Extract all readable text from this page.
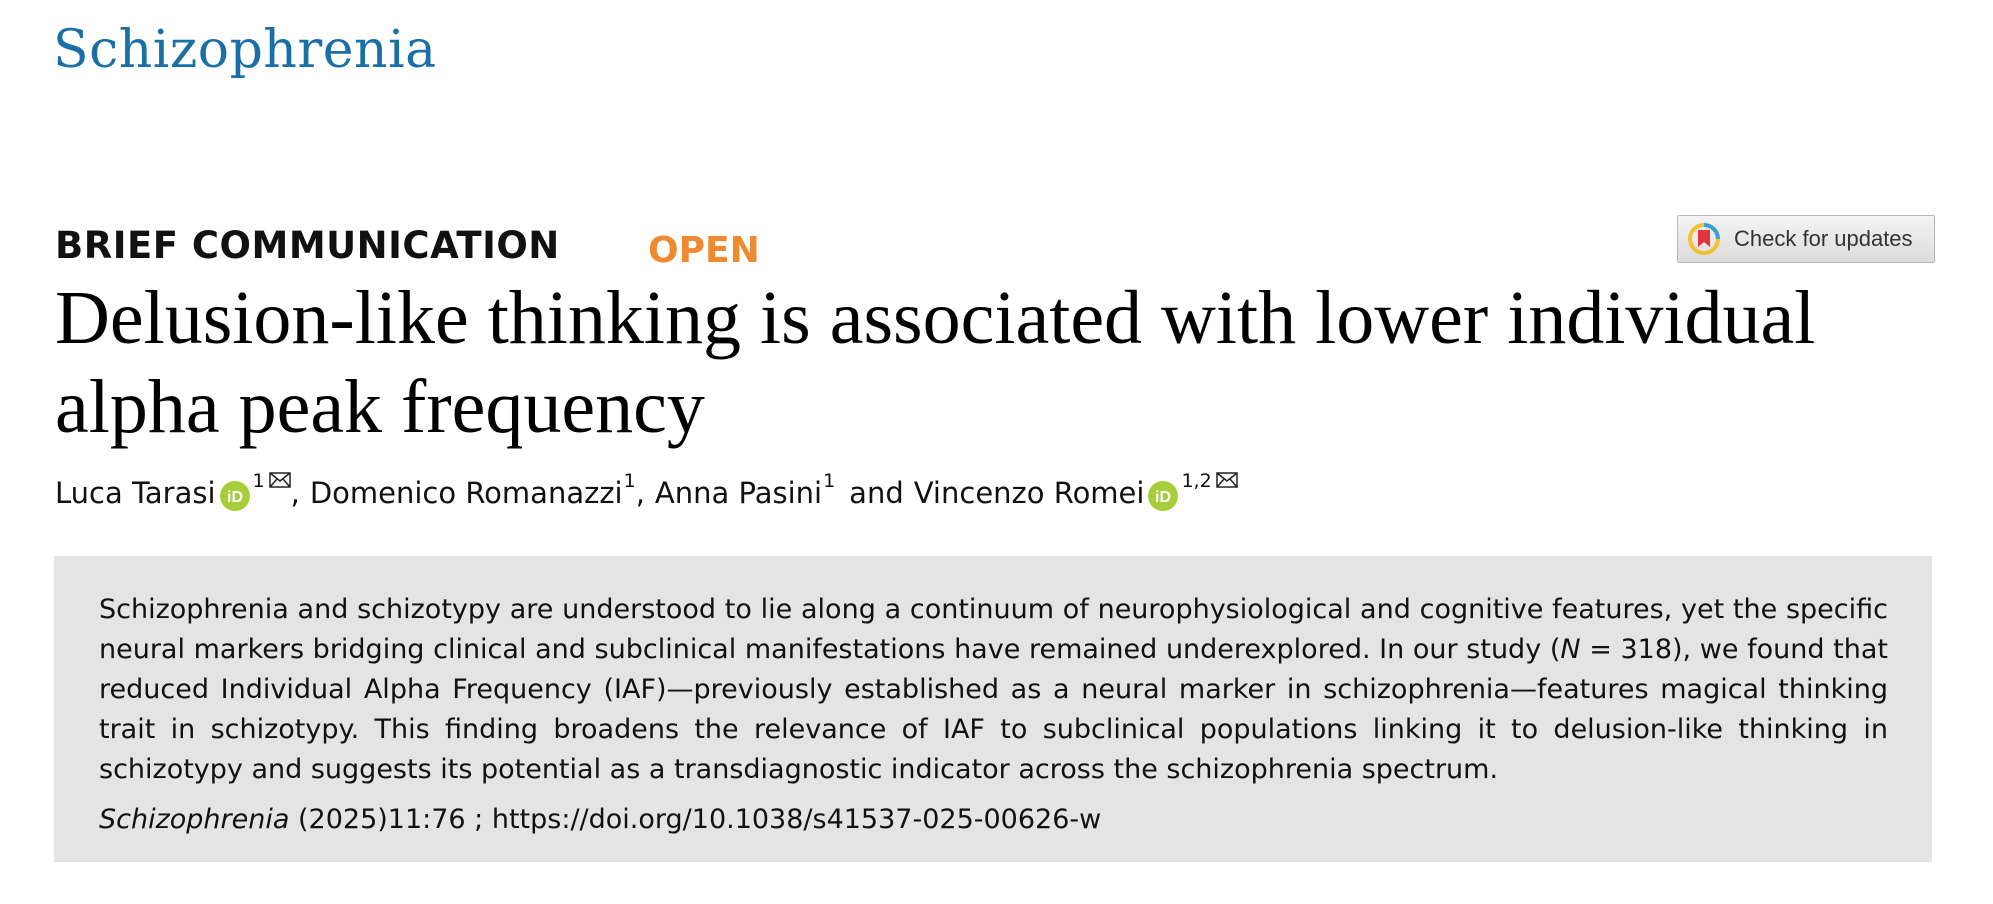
Schizophrenia
BRIEF COMMUNICATION OPEN	Check for updates
Delusion-like thinking is associated with lower individual alpha peak frequency
Luca Tarasi iD
$^1$ , Domenico Romanazzi$^1$ , Anna Pasini$^1$ and Vincenzo Romei iD
$^{1,2}$

Schizophrenia and schizotypy are understood to lie along a continuum of neurophysiological and cognitive features, yet the specific neural markers bridging clinical and subclinical manifestations have remained underexplored. In our study (N = 318), we found that reduced Individual Alpha Frequency (IAF)—previously established as a neural marker in schizophrenia—features magical thinking trait in schizotypy. This finding broadens the relevance of IAF to subclinical populations linking it to delusion-like thinking in schizotypy and suggests its potential as a transdiagnostic indicator across the schizophrenia spectrum.

Schizophrenia (2025)11:76 ; https://doi.org/10.1038/s41537-025-00626-w
